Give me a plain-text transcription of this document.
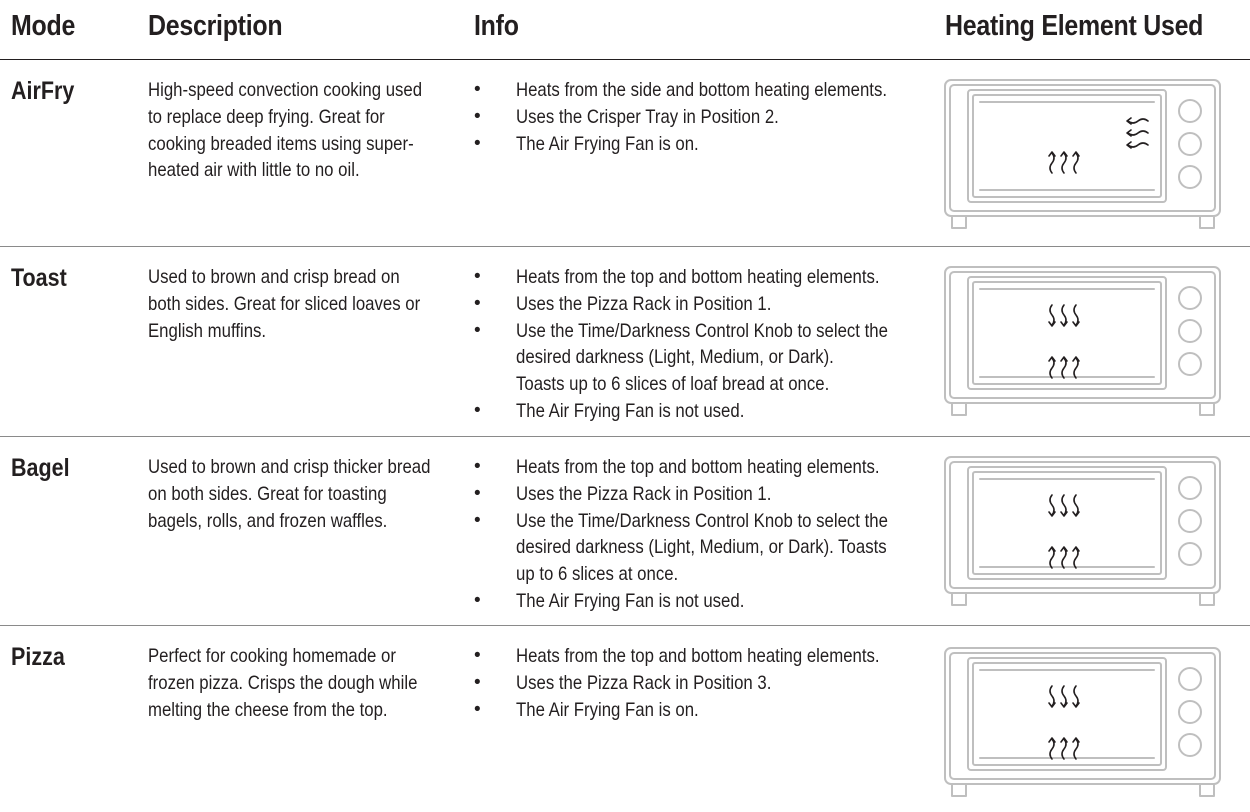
Mode	Description	Info	Heating Element Used
AirFry	High-speed convection cooking used to replace deep frying. Great for cooking breaded items using super-heated air with little to no oil.
• Heats from the side and bottom heating elements.
• Uses the Crisper Tray in Position 2.
• The Air Frying Fan is on.
Toast	Used to brown and crisp bread on both sides. Great for sliced loaves or English muffins.
• Heats from the top and bottom heating elements.
• Uses the Pizza Rack in Position 1.
• Use the Time/Darkness Control Knob to select the desired darkness (Light, Medium, or Dark).
Toasts up to 6 slices of loaf bread at once.
• The Air Frying Fan is not used.
Bagel	Used to brown and crisp thicker bread on both sides. Great for toasting bagels, rolls, and frozen waffles.
• Heats from the top and bottom heating elements.
• Uses the Pizza Rack in Position 1.
• Use the Time/Darkness Control Knob to select the desired darkness (Light, Medium, or Dark). Toasts up to 6 slices at once.
• The Air Frying Fan is not used.
Pizza	Perfect for cooking homemade or frozen pizza. Crisps the dough while melting the cheese from the top.
• Heats from the top and bottom heating elements.
• Uses the Pizza Rack in Position 3.
• The Air Frying Fan is on.
